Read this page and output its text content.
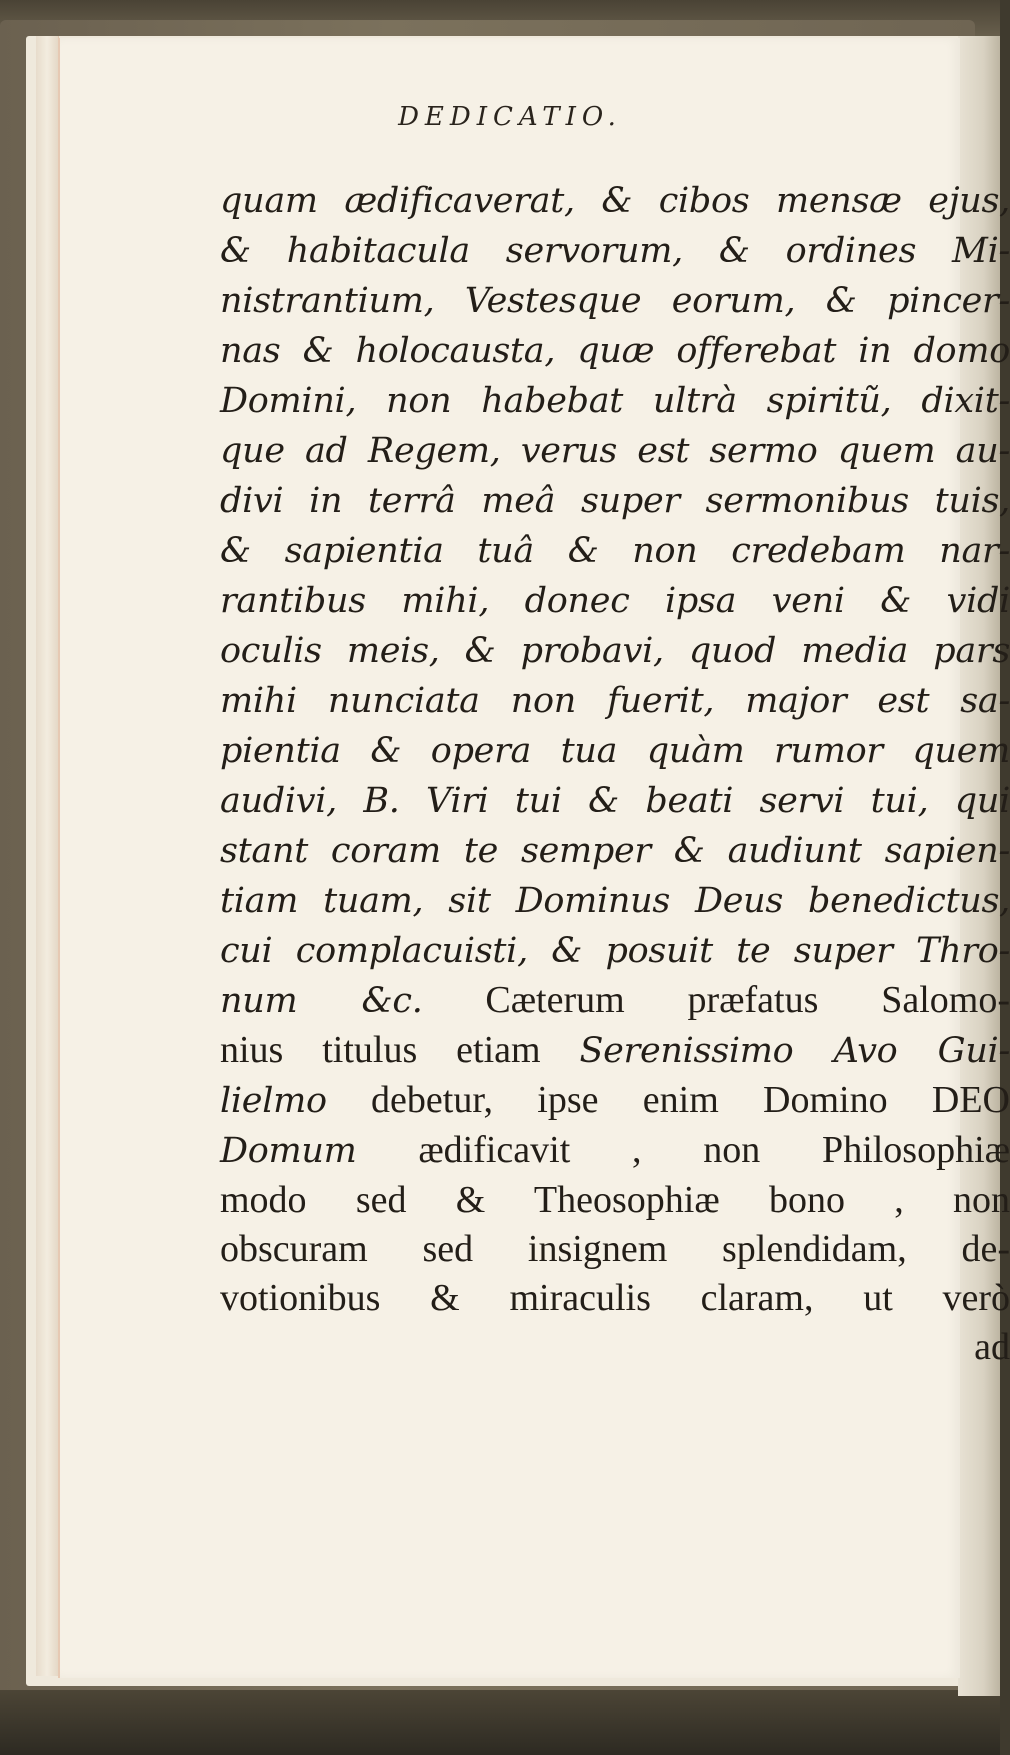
DEDICATIO.
quam ædificaverat, & cibos mensæ ejus,
& habitacula servorum, & ordines Mi-
nistrantium, Vestesque eorum, & pincer-
nas & holocausta, quæ offerebat in domo
Domini, non habebat ultrà spiritũ, dixit-
que ad Regem, verus est sermo quem au-
divi in terrâ meâ super sermonibus tuis,
& sapientia tuâ & non credebam nar-
rantibus mihi, donec ipsa veni & vidi
oculis meis, & probavi, quod media pars
mihi nunciata non fuerit, major est sa-
pientia & opera tua quàm rumor quem
audivi, B. Viri tui & beati servi tui, qui
stant coram te semper & audiunt sapien-
tiam tuam, sit Dominus Deus benedictus,
cui complacuisti, & posuit te super Thro-
num &c. Cæterum præfatus Salomo-
nius titulus etiam Serenissimo Avo Gui-
lielmo debetur, ipse enim Domino DEO
Domum ædificavit , non Philosophiæ
modo sed & Theosophiæ bono , non
obscuram sed insignem splendidam, de-
votionibus & miraculis claram, ut verò
ad
